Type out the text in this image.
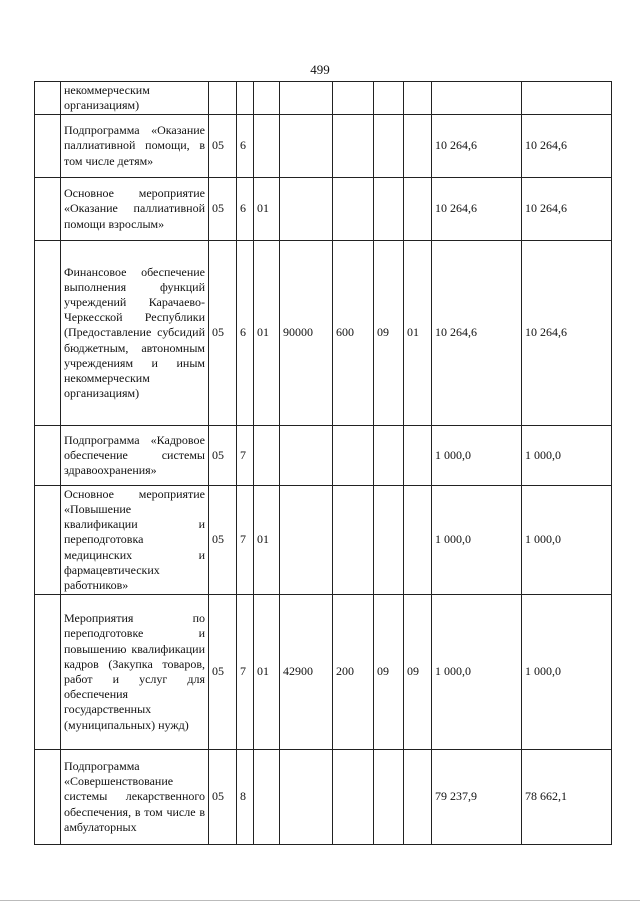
499
	некоммерческим организациям)									
	Подпрограмма «Оказание паллиативной помощи, в том числе детям»	05	6						10 264,6	10 264,6
	Основное мероприятие «Оказание паллиативной помощи взрослым»	05	6	01					10 264,6	10 264,6
	Финансовое обеспечение выполнения функций учреждений Карачаево-Черкесской Республики (Предоставление субсидий бюджетным, автономным учреждениям и иным некоммерческим организациям)	05	6	01	90000	600	09	01	10 264,6	10 264,6
	Подпрограмма «Кадровое обеспечение системы здравоохранения»	05	7						1 000,0	1 000,0
	Основное мероприятие «Повышение квалификации и переподготовка медицинских и фармацевтических работников»	05	7	01					1 000,0	1 000,0
	Мероприятия по переподготовке и повышению квалификации кадров (Закупка товаров, работ и услуг для обеспечения государственных (муниципальных) нужд)	05	7	01	42900	200	09	09	1 000,0	1 000,0
	Подпрограмма «Совершенствование системы лекарственного обеспечения, в том числе в амбулаторных	05	8						79 237,9	78 662,1
